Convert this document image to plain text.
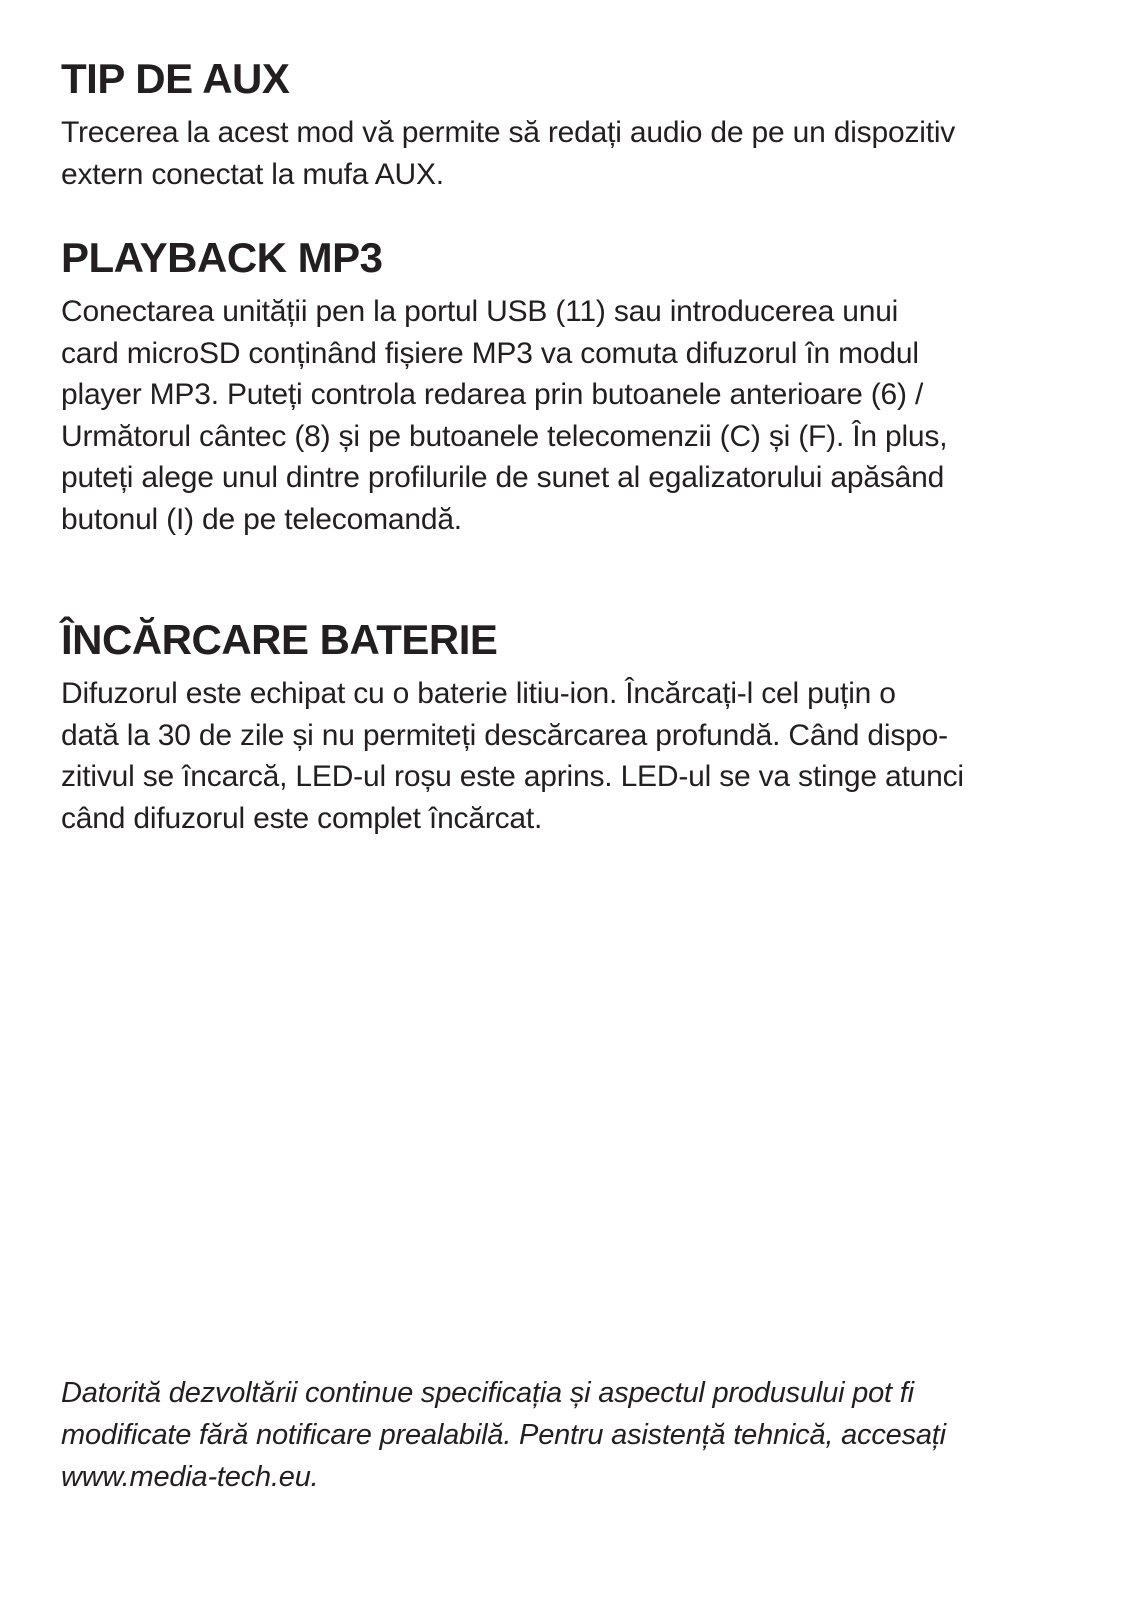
TIP DE AUX

Trecerea la acest mod vă permite să redați audio de pe un dispozitiv
extern conectat la mufa AUX.

PLAYBACK MP3

Conectarea unității pen la portul USB (11) sau introducerea unui
card microSD conținând fișiere MP3 va comuta difuzorul în modul
player MP3. Puteți controla redarea prin butoanele anterioare (6) /
Următorul cântec (8) și pe butoanele telecomenzii (C) și (F). În plus,
puteți alege unul dintre profilurile de sunet al egalizatorului apăsând
butonul (I) de pe telecomandă.

ÎNCĂRCARE BATERIE

Difuzorul este echipat cu o baterie litiu-ion. Încărcați-l cel puțin o
dată la 30 de zile și nu permiteți descărcarea profundă. Când dispo-
zitivul se încarcă, LED-ul roșu este aprins. LED-ul se va stinge atunci
când difuzorul este complet încărcat.

Datorită dezvoltării continue specificația și aspectul produsului pot fi
modificate fără notificare prealabilă. Pentru asistență tehnică, accesați
www.media-tech.eu.
